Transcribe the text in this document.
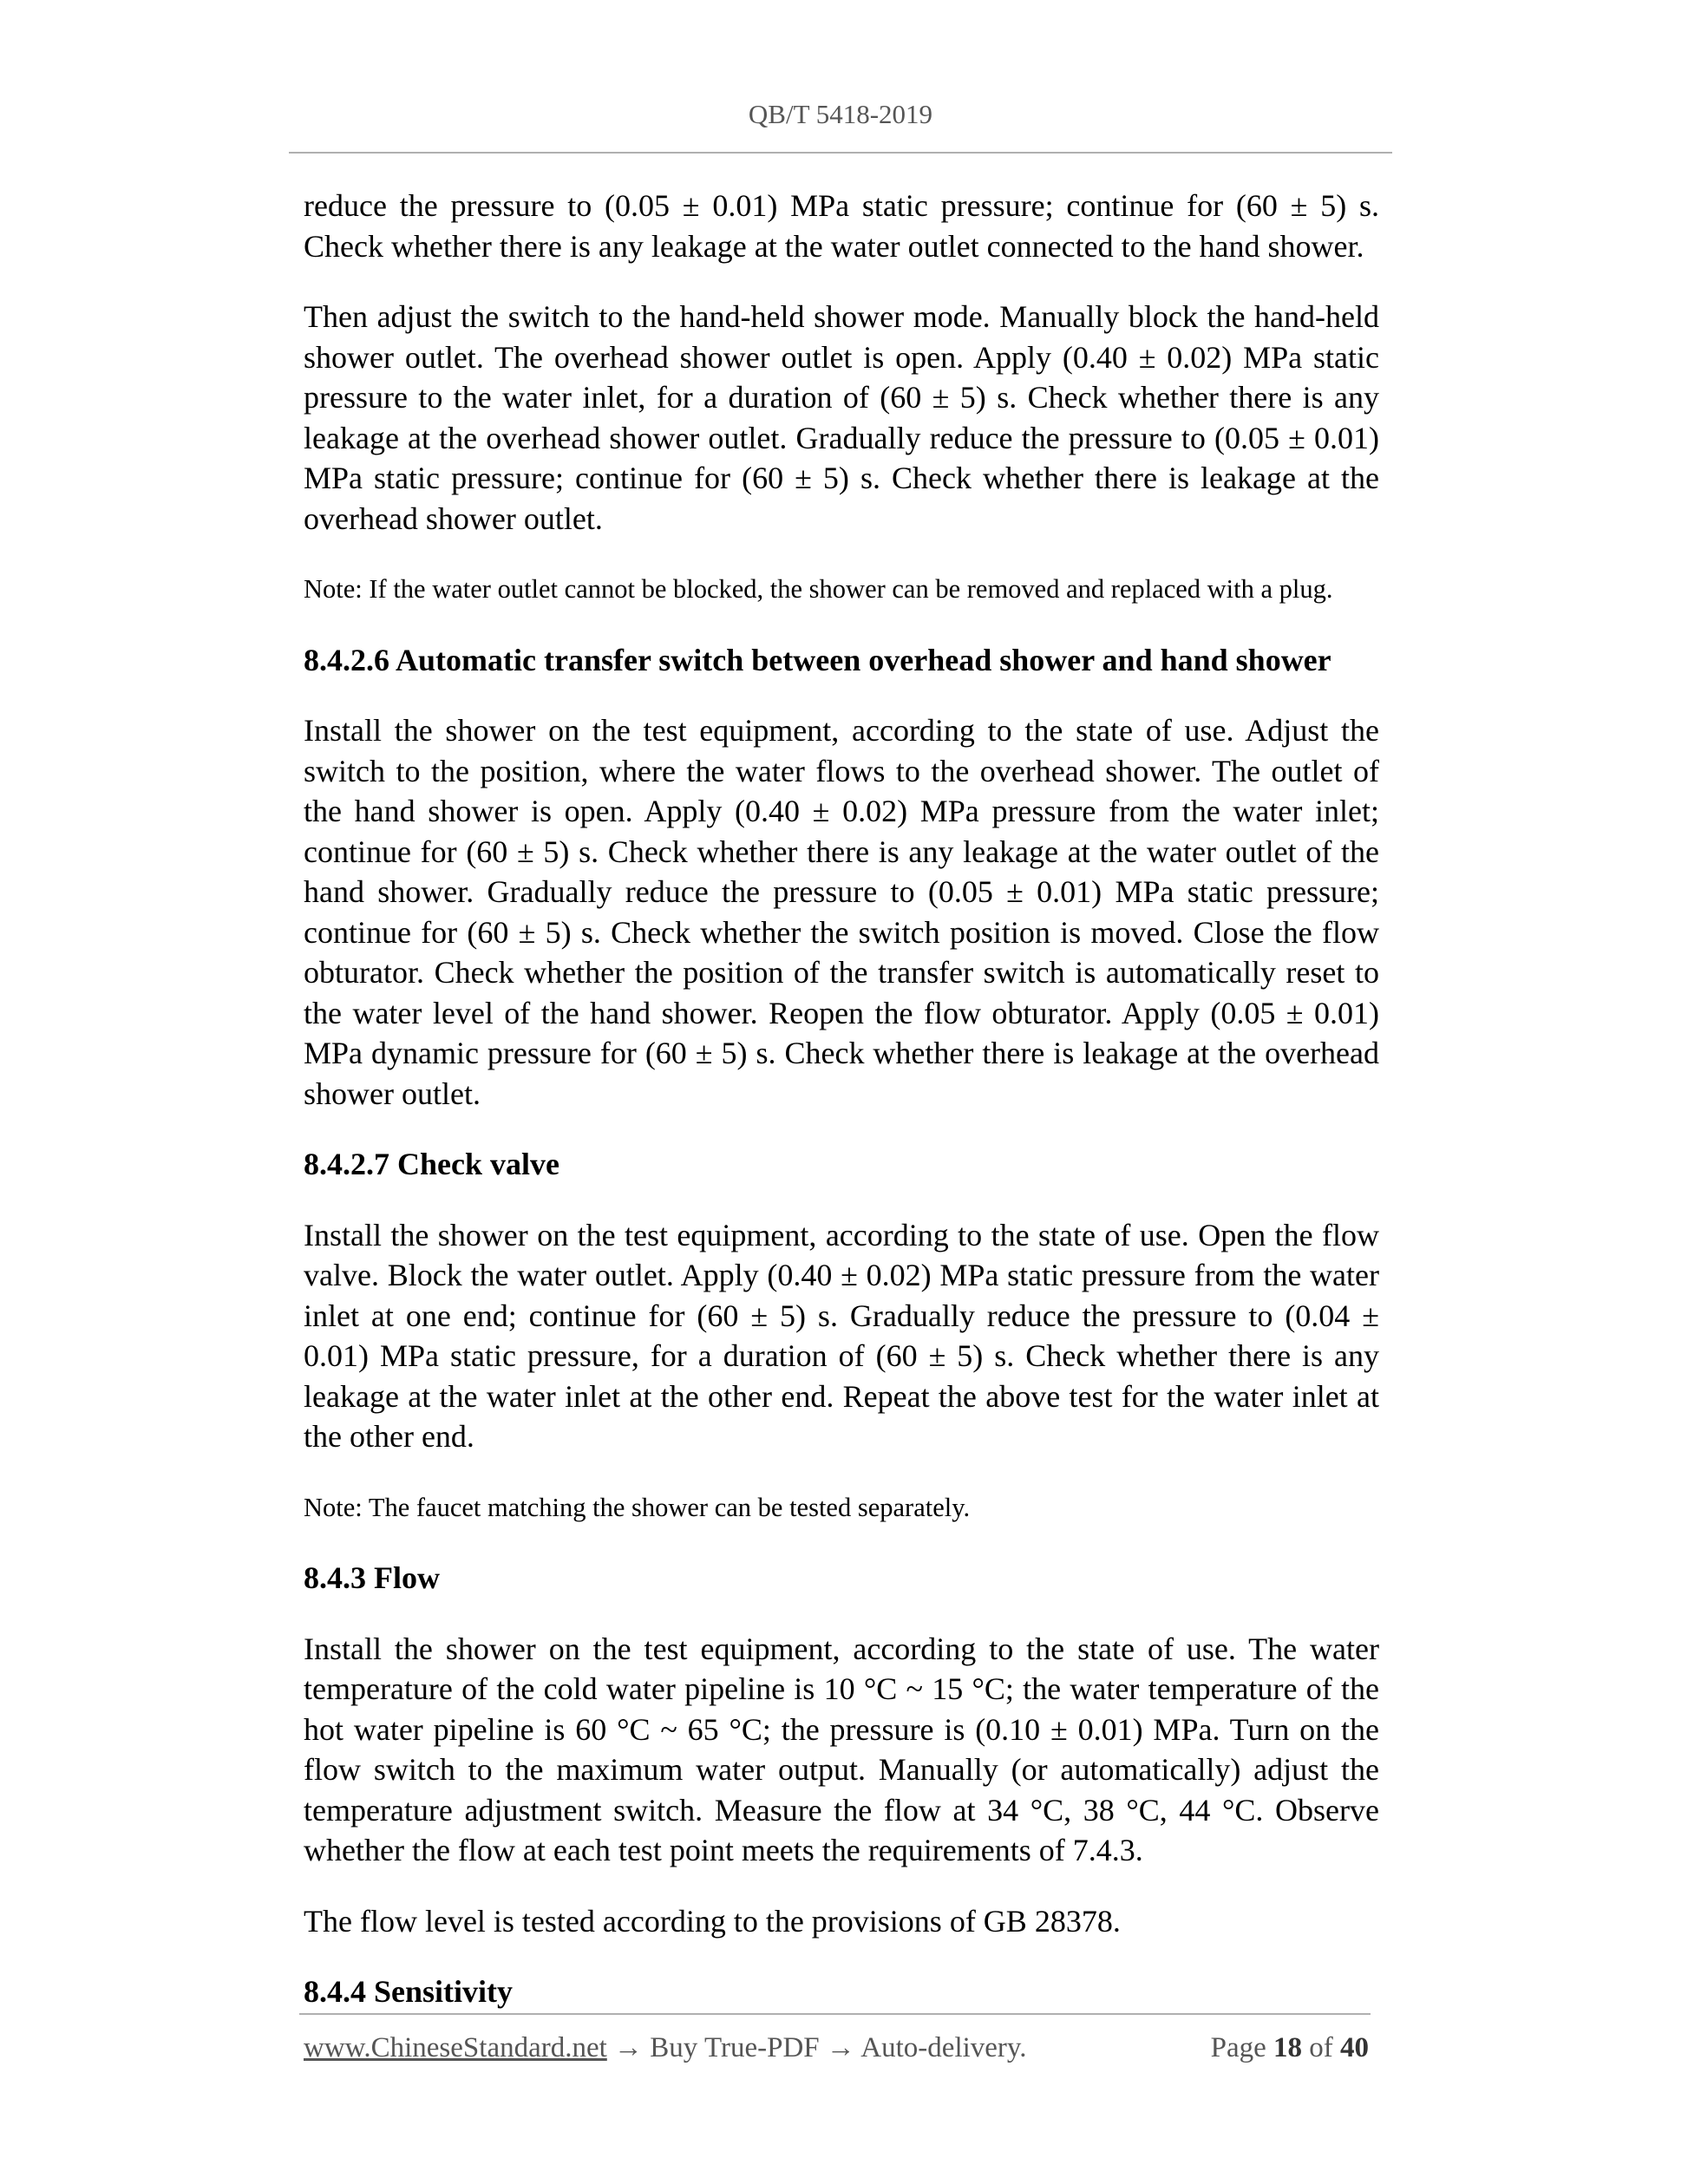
QB/T 5418-2019

reduce the pressure to (0.05 ± 0.01) MPa static pressure; continue for (60 ± 5) s. Check whether there is any leakage at the water outlet connected to the hand shower.

Then adjust the switch to the hand-held shower mode. Manually block the hand-held shower outlet. The overhead shower outlet is open. Apply (0.40 ± 0.02) MPa static pressure to the water inlet, for a duration of (60 ± 5) s. Check whether there is any leakage at the overhead shower outlet. Gradually reduce the pressure to (0.05 ± 0.01) MPa static pressure; continue for (60 ± 5) s. Check whether there is leakage at the overhead shower outlet.

Note: If the water outlet cannot be blocked, the shower can be removed and replaced with a plug.

8.4.2.6 Automatic transfer switch between overhead shower and hand shower

Install the shower on the test equipment, according to the state of use. Adjust the switch to the position, where the water flows to the overhead shower. The outlet of the hand shower is open. Apply (0.40 ± 0.02) MPa pressure from the water inlet; continue for (60 ± 5) s. Check whether there is any leakage at the water outlet of the hand shower. Gradually reduce the pressure to (0.05 ± 0.01) MPa static pressure; continue for (60 ± 5) s. Check whether the switch position is moved. Close the flow obturator. Check whether the position of the transfer switch is automatically reset to the water level of the hand shower. Reopen the flow obturator. Apply (0.05 ± 0.01) MPa dynamic pressure for (60 ± 5) s. Check whether there is leakage at the overhead shower outlet.

8.4.2.7 Check valve

Install the shower on the test equipment, according to the state of use. Open the flow valve. Block the water outlet. Apply (0.40 ± 0.02) MPa static pressure from the water inlet at one end; continue for (60 ± 5) s. Gradually reduce the pressure to (0.04 ± 0.01) MPa static pressure, for a duration of (60 ± 5) s. Check whether there is any leakage at the water inlet at the other end. Repeat the above test for the water inlet at the other end.

Note: The faucet matching the shower can be tested separately.

8.4.3 Flow

Install the shower on the test equipment, according to the state of use. The water temperature of the cold water pipeline is 10 °C ~ 15 °C; the water temperature of the hot water pipeline is 60 °C ~ 65 °C; the pressure is (0.10 ± 0.01) MPa. Turn on the flow switch to the maximum water output. Manually (or automatically) adjust the temperature adjustment switch. Measure the flow at 34 °C, 38 °C, 44 °C. Observe whether the flow at each test point meets the requirements of 7.4.3.

The flow level is tested according to the provisions of GB 28378.

8.4.4 Sensitivity

www.ChineseStandard.net → Buy True-PDF → Auto-delivery.	Page 18 of 40
